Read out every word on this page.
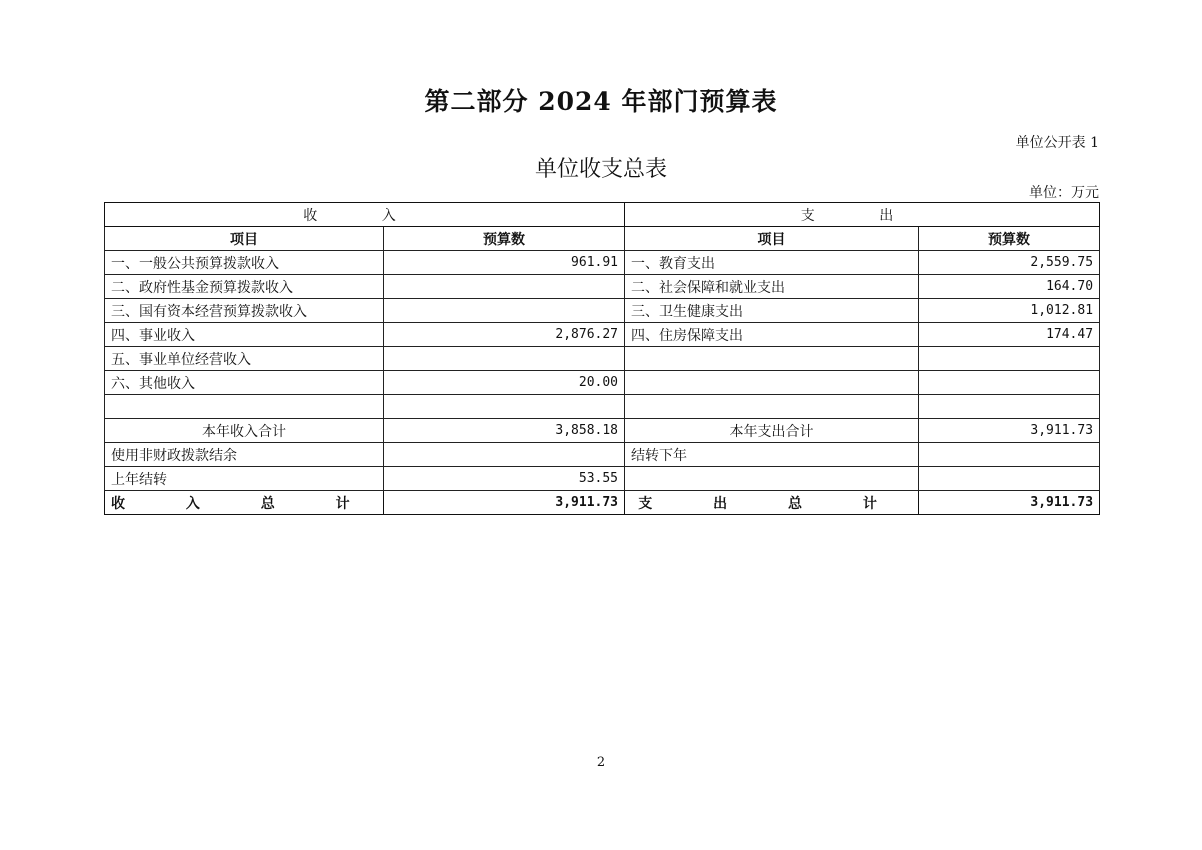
第二部分 2024 年部门预算表
单位公开表 1
单位收支总表
单位：万元
收 入		支 出	
项目	预算数	项目	预算数
一、一般公共预算拨款收入	961.91	一、教育支出	2,559.75
二、政府性基金预算拨款收入		二、社会保障和就业支出	164.70
三、国有资本经营预算拨款收入		三、卫生健康支出	1,012.81
四、事业收入	2,876.27	四、住房保障支出	174.47
五、事业单位经营收入			
六、其他收入	20.00		

本年收入合计	3,858.18	本年支出合计	3,911.73
使用非财政拨款结余		结转下年	
上年结转	53.55		
收 入 总 计	3,911.73	支 出 总 计	3,911.73
2
